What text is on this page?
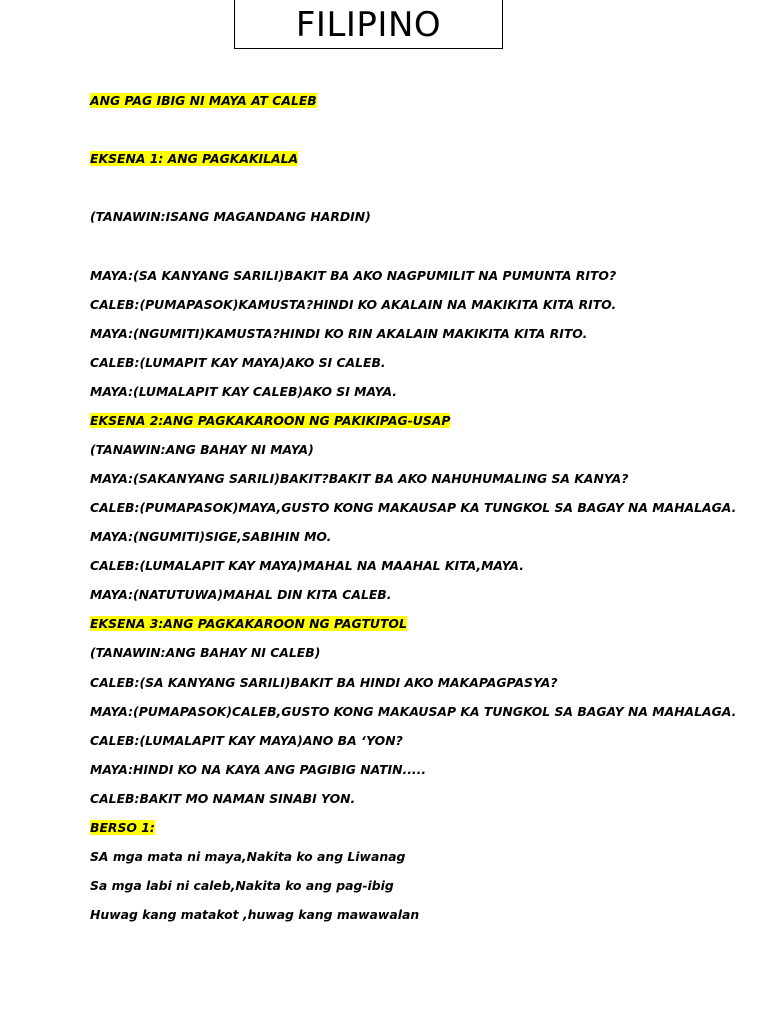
FILIPINO
ANG PAG IBIG NI MAYA AT CALEB
EKSENA 1: ANG PAGKAKILALA
(TANAWIN:ISANG MAGANDANG HARDIN)
MAYA:(SA KANYANG SARILI)BAKIT BA AKO NAGPUMILIT NA PUMUNTA RITO?
CALEB:(PUMAPASOK)KAMUSTA?HINDI KO AKALAIN NA MAKIKITA KITA RITO.
MAYA:(NGUMITI)KAMUSTA?HINDI KO RIN AKALAIN MAKIKITA KITA RITO.
CALEB:(LUMAPIT KAY MAYA)AKO SI CALEB.
MAYA:(LUMALAPIT KAY CALEB)AKO SI MAYA.
EKSENA 2:ANG PAGKAKAROON NG PAKIKIPAG-USAP
(TANAWIN:ANG BAHAY NI MAYA)
MAYA:(SAKANYANG SARILI)BAKIT?BAKIT BA AKO NAHUHUMALING SA KANYA?
CALEB:(PUMAPASOK)MAYA,GUSTO KONG MAKAUSAP KA TUNGKOL SA BAGAY NA MAHALAGA.
MAYA:(NGUMITI)SIGE,SABIHIN MO.
CALEB:(LUMALAPIT KAY MAYA)MAHAL NA MAAHAL KITA,MAYA.
MAYA:(NATUTUWA)MAHAL DIN KITA CALEB.
EKSENA 3:ANG PAGKAKAROON NG PAGTUTOL
(TANAWIN:ANG BAHAY NI CALEB)
CALEB:(SA KANYANG SARILI)BAKIT BA HINDI AKO MAKAPAGPASYA?
MAYA:(PUMAPASOK)CALEB,GUSTO KONG MAKAUSAP KA TUNGKOL SA BAGAY NA MAHALAGA.
CALEB:(LUMALAPIT KAY MAYA)ANO BA ‘YON?
MAYA:HINDI KO NA KAYA ANG PAGIBIG NATIN.....
CALEB:BAKIT MO NAMAN SINABI YON.
BERSO 1:
SA mga mata ni maya,Nakita ko ang Liwanag
Sa mga labi ni caleb,Nakita ko ang pag-ibig
Huwag kang matakot ,huwag kang mawawalan
